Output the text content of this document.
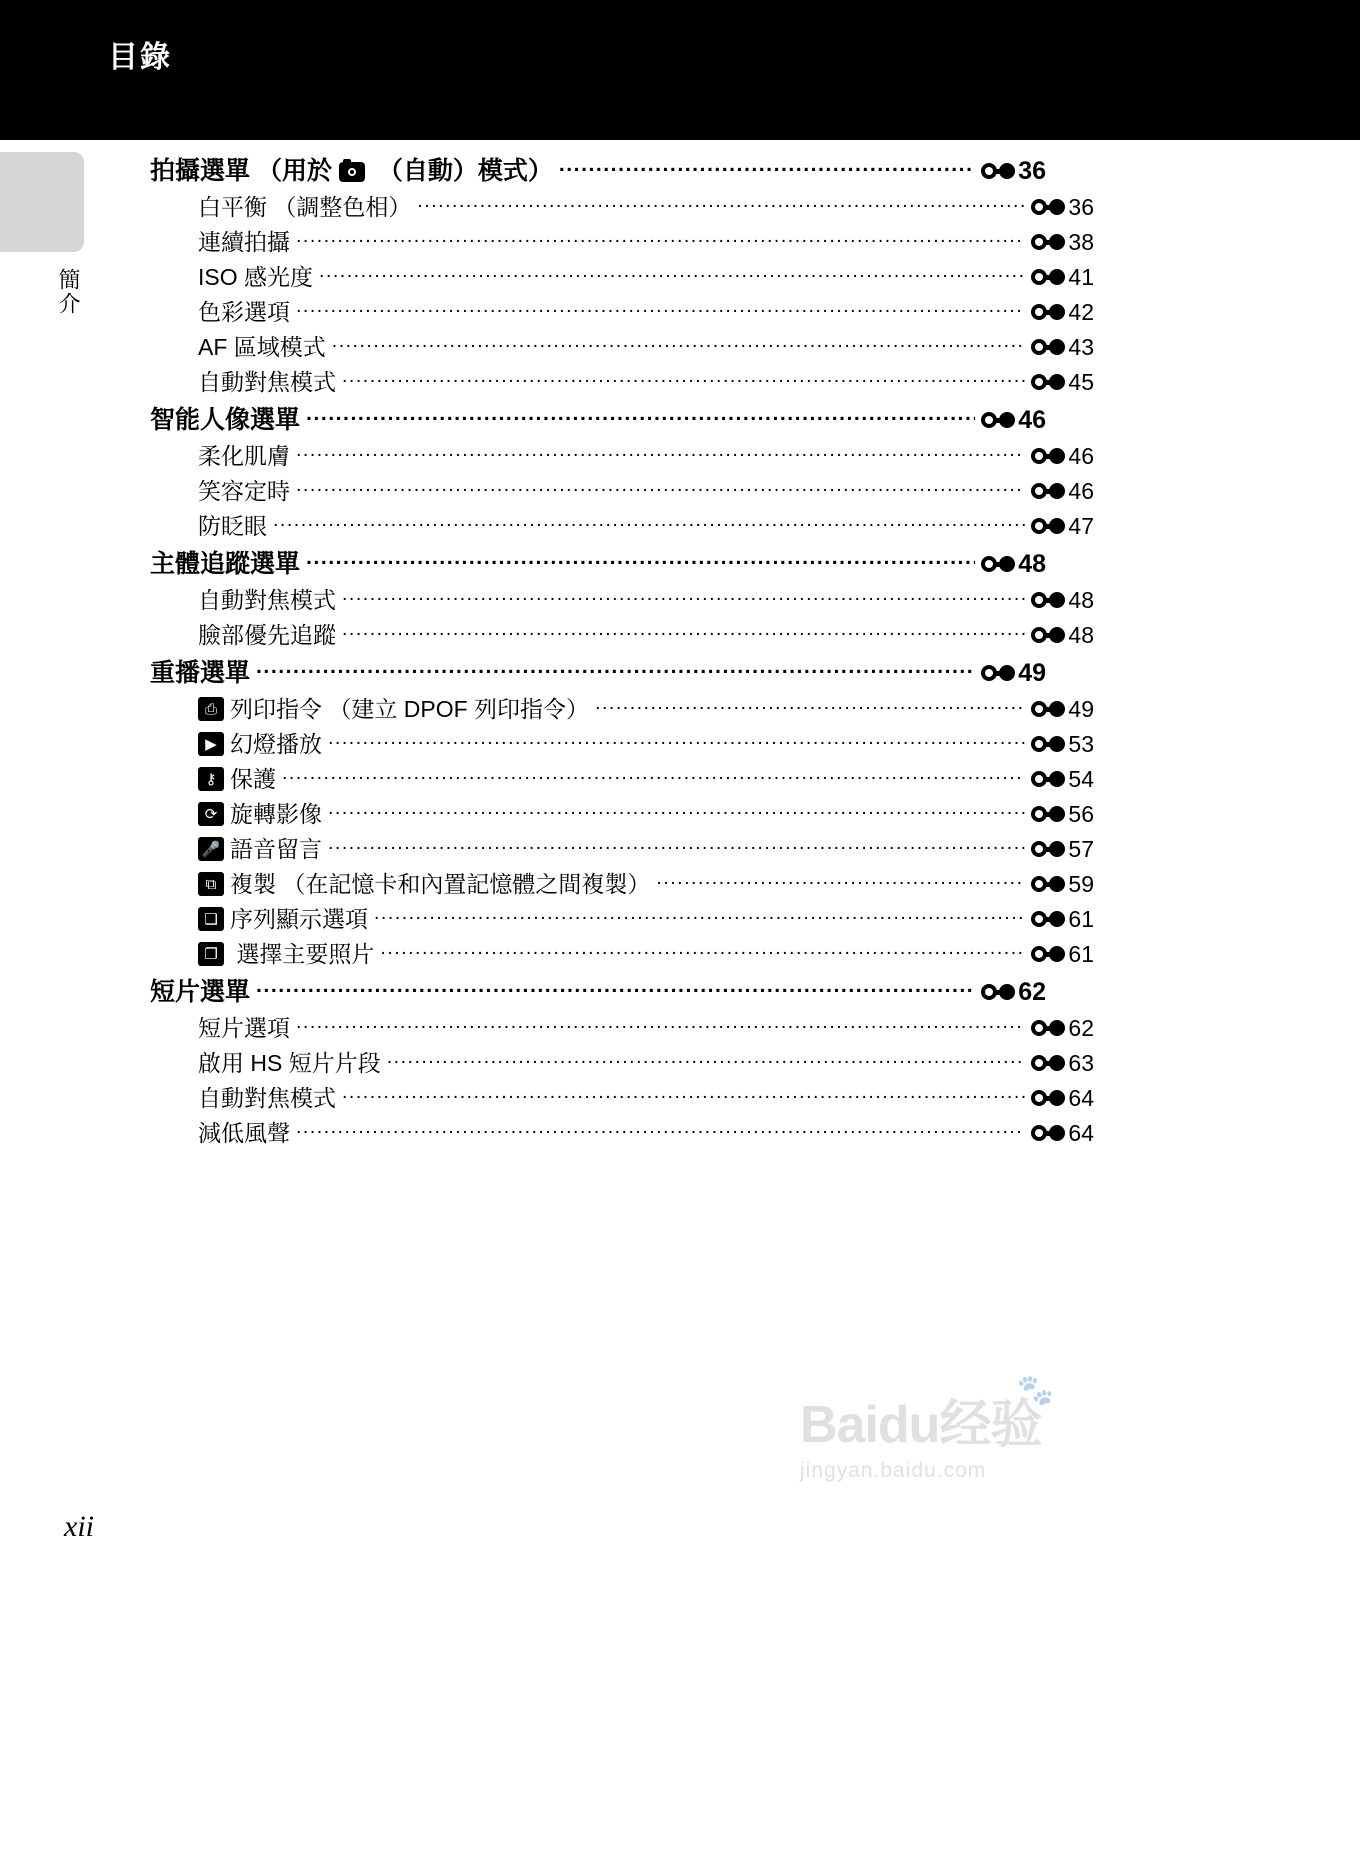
目錄
簡介
拍攝選單 （用於  （自動）模式） .....	36
白平衡 （調整色相） .....	36
連續拍攝 .....	38
ISO 感光度 .....	41
色彩選項 .....	42
AF 區域模式 .....	43
自動對焦模式 .....	45
智能人像選單 .....	46
柔化肌膚 .....	46
笑容定時 .....	46
防眨眼 .....	47
主體追蹤選單 .....	48
自動對焦模式 .....	48
臉部優先追蹤 .....	48
重播選單 .....	49
⎙ 列印指令 （建立 DPOF 列印指令） .....	49
▶ 幻燈播放 .....	53
⚷ 保護 .....	54
⟳ 旋轉影像 .....	56
🎤 語音留言 .....	57
⧉ 複製 （在記憶卡和內置記憶體之間複製） .....	59
❏ 序列顯示選項 .....	61
❐ 選擇主要照片 .....	61
短片選單 .....	62
短片選項 .....	62
啟用 HS 短片片段 .....	63
自動對焦模式 .....	64
減低風聲 .....	64
xii
🐾
Baidu经验
jingyan.baidu.com
